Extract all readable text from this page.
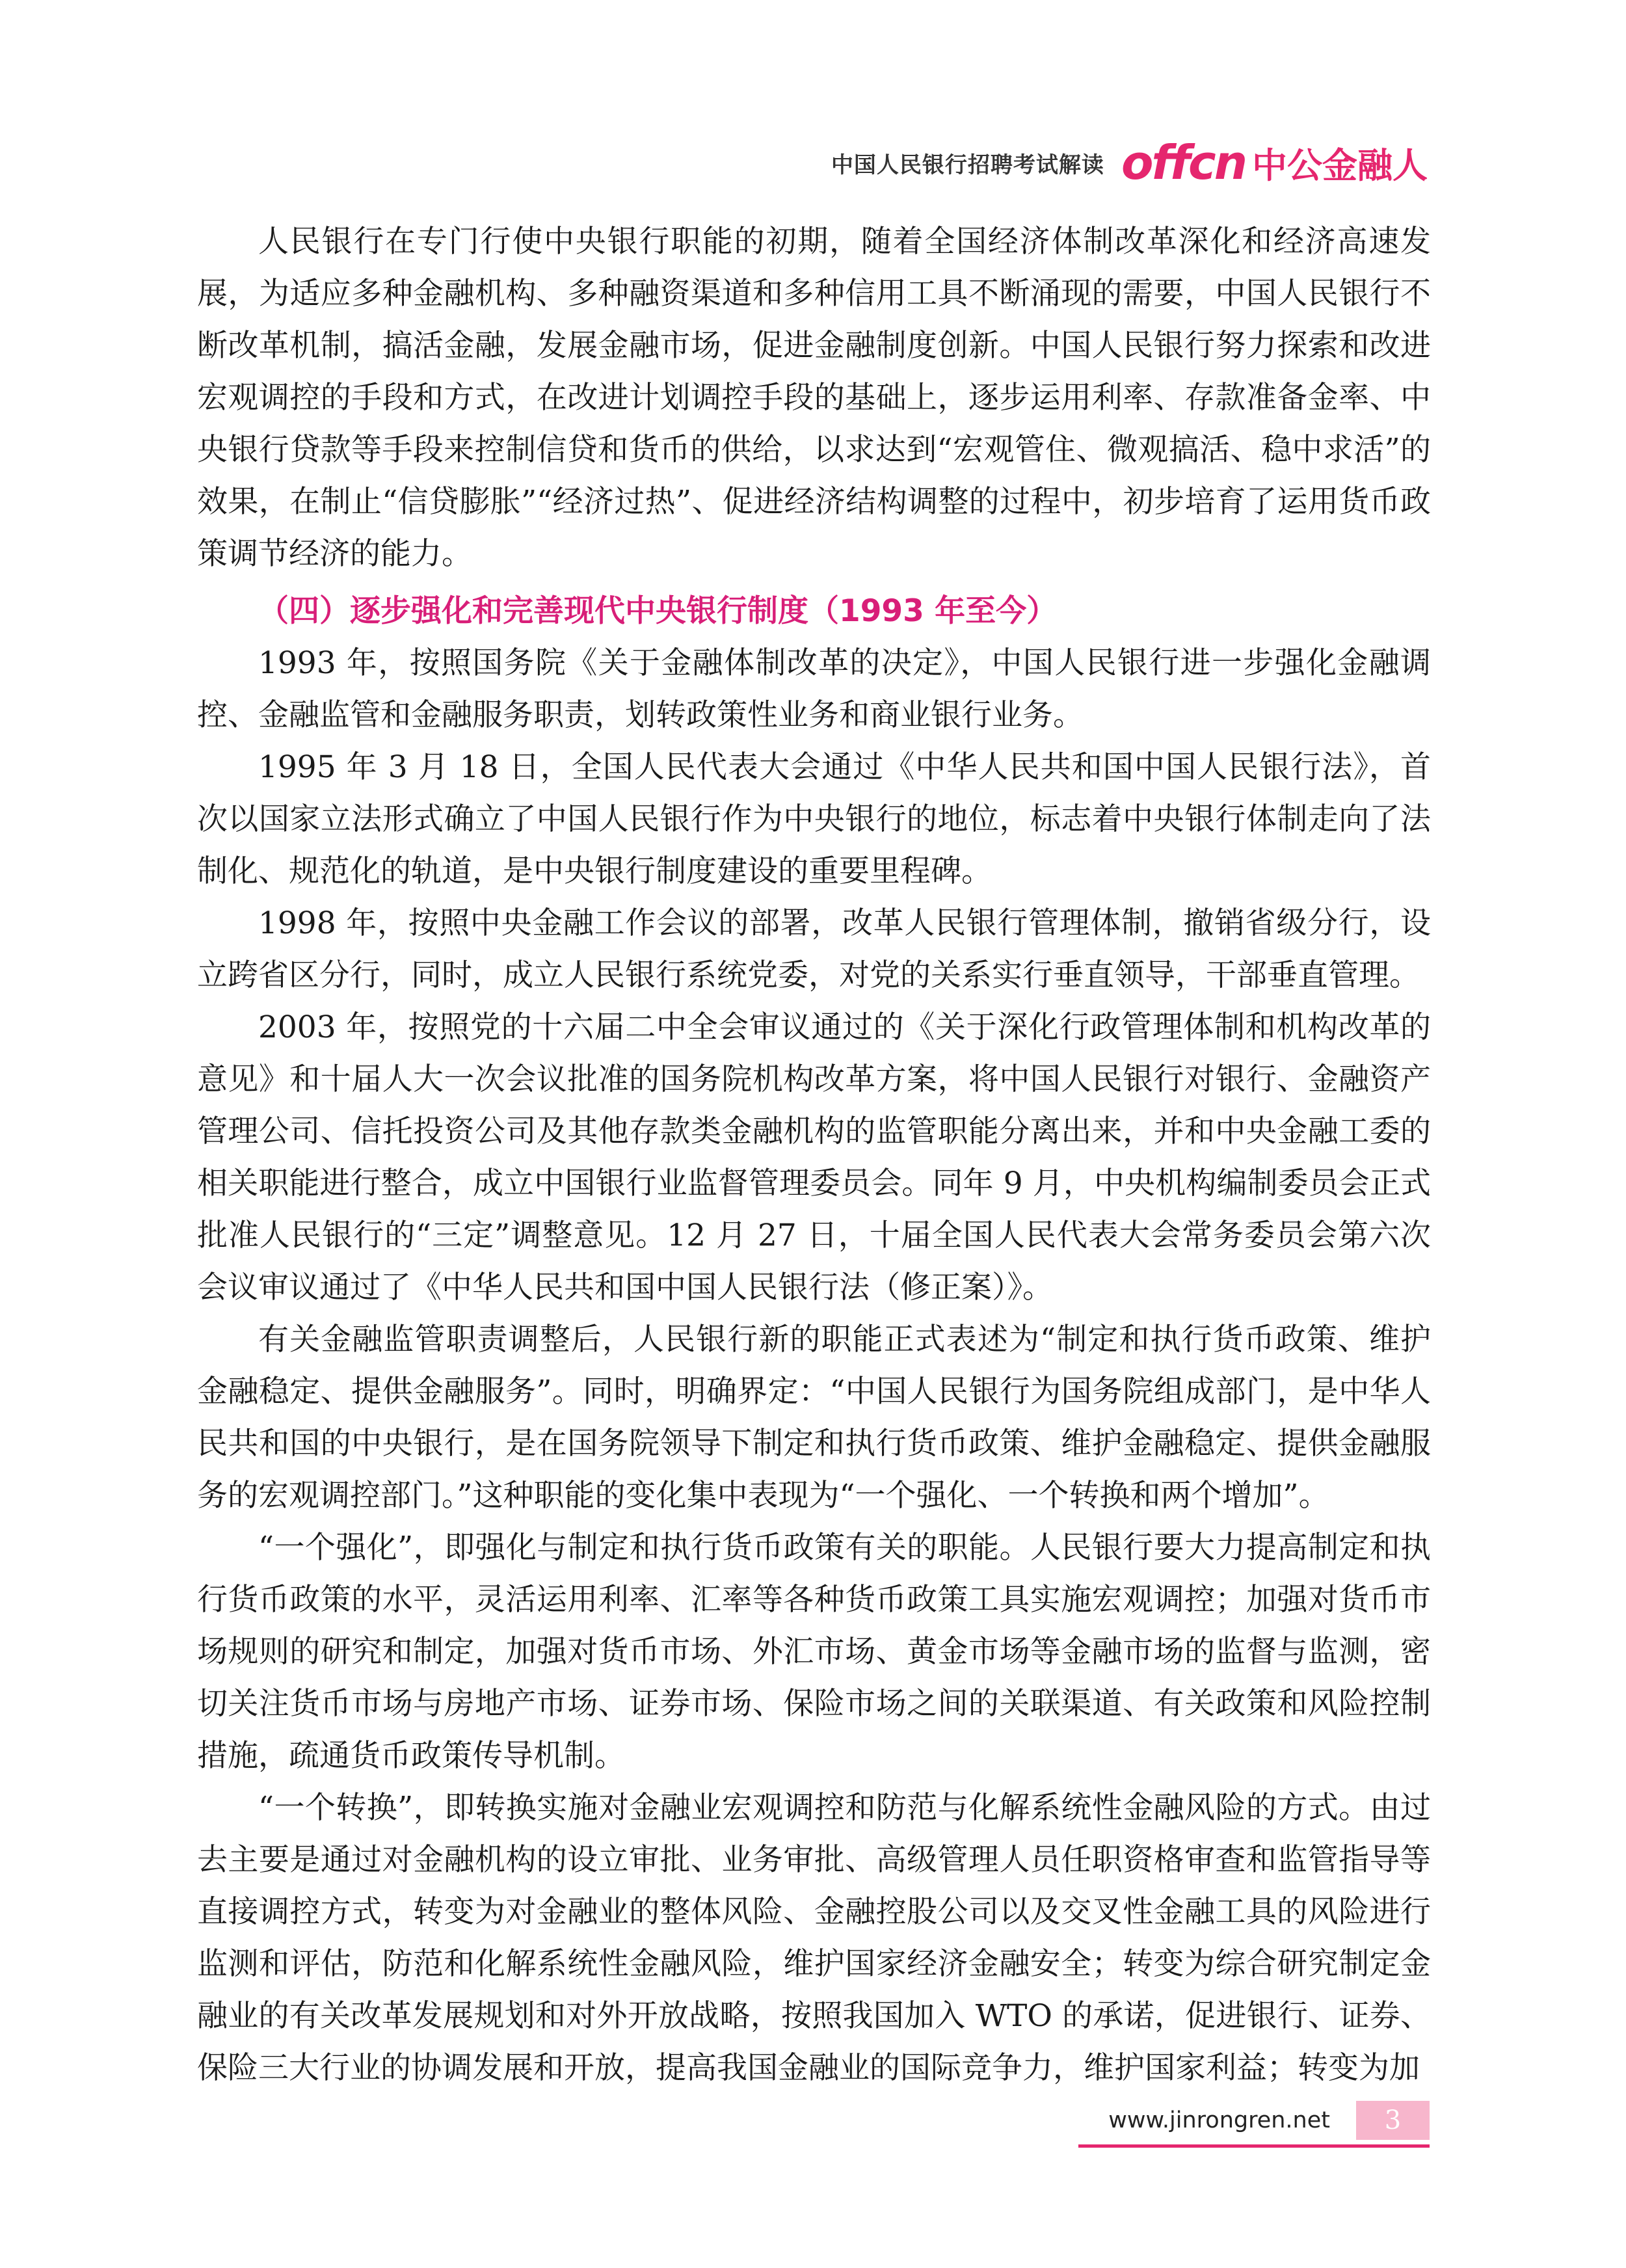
中国人民银行招聘考试解读 offcn 中公金融人

人民银行在专门行使中央银行职能的初期，随着全国经济体制改革深化和经济高速发展，为适应多种金融机构、多种融资渠道和多种信用工具不断涌现的需要，中国人民银行不断改革机制，搞活金融，发展金融市场，促进金融制度创新。中国人民银行努力探索和改进宏观调控的手段和方式，在改进计划调控手段的基础上，逐步运用利率、存款准备金率、中央银行贷款等手段来控制信贷和货币的供给，以求达到“宏观管住、微观搞活、稳中求活”的效果，在制止“信贷膨胀”“经济过热”、促进经济结构调整的过程中，初步培育了运用货币政策调节经济的能力。

（四）逐步强化和完善现代中央银行制度（1993 年至今）

1993 年，按照国务院《关于金融体制改革的决定》，中国人民银行进一步强化金融调控、金融监管和金融服务职责，划转政策性业务和商业银行业务。

1995 年 3 月 18 日，全国人民代表大会通过《中华人民共和国中国人民银行法》，首次以国家立法形式确立了中国人民银行作为中央银行的地位，标志着中央银行体制走向了法制化、规范化的轨道，是中央银行制度建设的重要里程碑。

1998 年，按照中央金融工作会议的部署，改革人民银行管理体制，撤销省级分行，设立跨省区分行，同时，成立人民银行系统党委，对党的关系实行垂直领导，干部垂直管理。

2003 年，按照党的十六届二中全会审议通过的《关于深化行政管理体制和机构改革的意见》和十届人大一次会议批准的国务院机构改革方案，将中国人民银行对银行、金融资产管理公司、信托投资公司及其他存款类金融机构的监管职能分离出来，并和中央金融工委的相关职能进行整合，成立中国银行业监督管理委员会。同年 9 月，中央机构编制委员会正式批准人民银行的“三定”调整意见。12 月 27 日，十届全国人民代表大会常务委员会第六次会议审议通过了《中华人民共和国中国人民银行法（修正案）》。

有关金融监管职责调整后，人民银行新的职能正式表述为“制定和执行货币政策、维护金融稳定、提供金融服务”。同时，明确界定：“中国人民银行为国务院组成部门，是中华人民共和国的中央银行，是在国务院领导下制定和执行货币政策、维护金融稳定、提供金融服务的宏观调控部门。”这种职能的变化集中表现为“一个强化、一个转换和两个增加”。

“一个强化”，即强化与制定和执行货币政策有关的职能。人民银行要大力提高制定和执行货币政策的水平，灵活运用利率、汇率等各种货币政策工具实施宏观调控；加强对货币市场规则的研究和制定，加强对货币市场、外汇市场、黄金市场等金融市场的监督与监测，密切关注货币市场与房地产市场、证券市场、保险市场之间的关联渠道、有关政策和风险控制措施，疏通货币政策传导机制。

“一个转换”，即转换实施对金融业宏观调控和防范与化解系统性金融风险的方式。由过去主要是通过对金融机构的设立审批、业务审批、高级管理人员任职资格审查和监管指导等直接调控方式，转变为对金融业的整体风险、金融控股公司以及交叉性金融工具的风险进行监测和评估，防范和化解系统性金融风险，维护国家经济金融安全；转变为综合研究制定金融业的有关改革发展规划和对外开放战略，按照我国加入 WTO 的承诺，促进银行、证券、保险三大行业的协调发展和开放，提高我国金融业的国际竞争力，维护国家利益；转变为加

www.jinrongren.net	3
